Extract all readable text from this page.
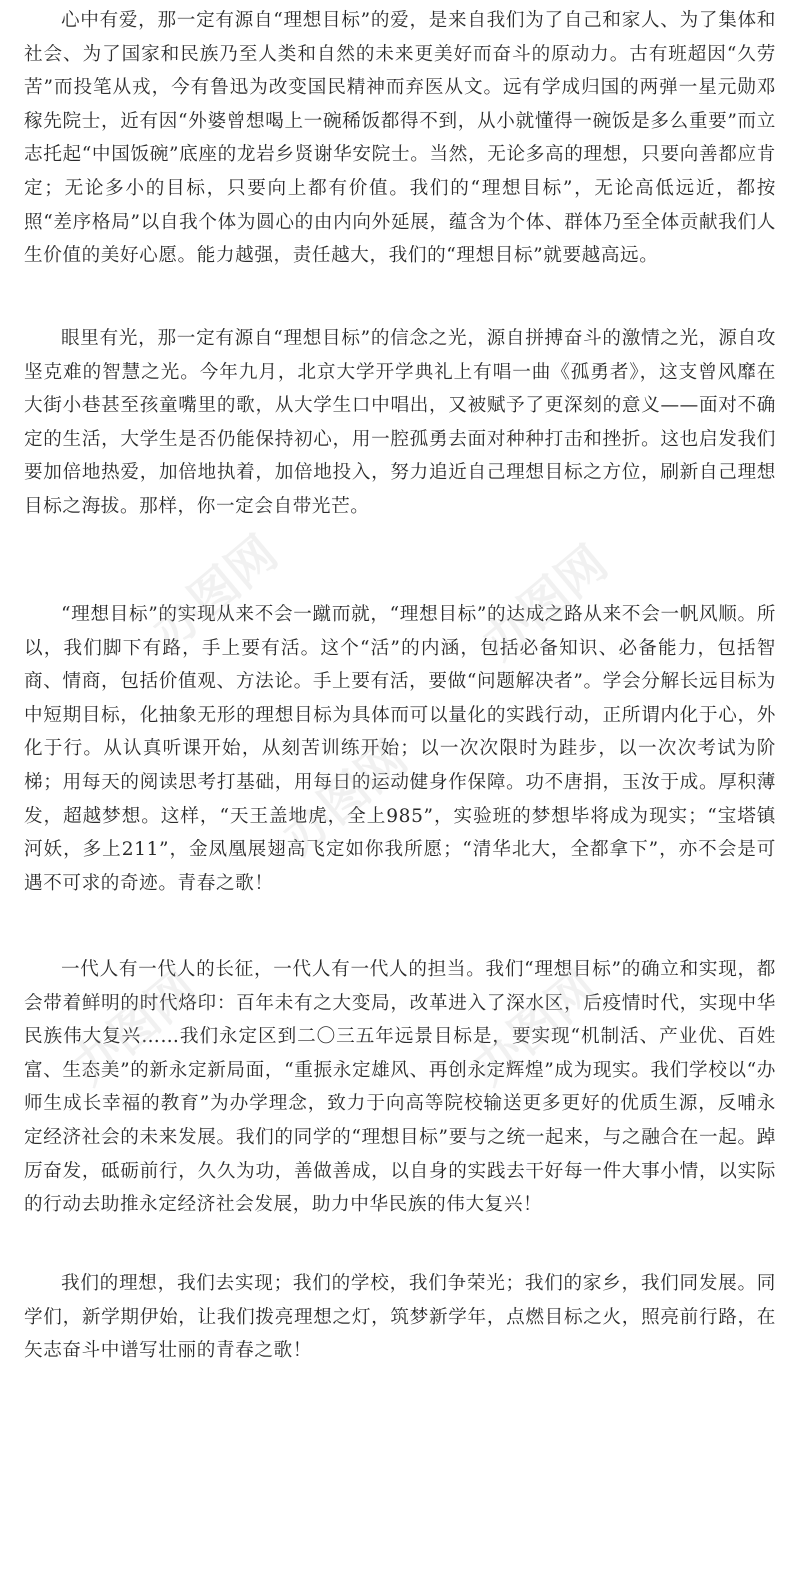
心中有爱，那一定有源自“理想目标”的爱，是来自我们为了自己和家人、为了集体和社会、为了国家和民族乃至人类和自然的未来更美好而奋斗的原动力。古有班超因“久劳苦”而投笔从戎，今有鲁迅为改变国民精神而弃医从文。远有学成归国的两弹一星元勋邓稼先院士，近有因“外婆曾想喝上一碗稀饭都得不到，从小就懂得一碗饭是多么重要”而立志托起“中国饭碗”底座的龙岩乡贤谢华安院士。当然，无论多高的理想，只要向善都应肯定；无论多小的目标，只要向上都有价值。我们的“理想目标”，无论高低远近，都按照“差序格局”以自我个体为圆心的由内向外延展，蕴含为个体、群体乃至全体贡献我们人生价值的美好心愿。能力越强，责任越大，我们的“理想目标”就要越高远。

眼里有光，那一定有源自“理想目标”的信念之光，源自拼搏奋斗的激情之光，源自攻坚克难的智慧之光。今年九月，北京大学开学典礼上有唱一曲《孤勇者》，这支曾风靡在大街小巷甚至孩童嘴里的歌，从大学生口中唱出，又被赋予了更深刻的意义——面对不确定的生活，大学生是否仍能保持初心，用一腔孤勇去面对种种打击和挫折。这也启发我们要加倍地热爱，加倍地执着，加倍地投入，努力追近自己理想目标之方位，刷新自己理想目标之海拔。那样，你一定会自带光芒。

“理想目标”的实现从来不会一蹴而就，“理想目标”的达成之路从来不会一帆风顺。所以，我们脚下有路，手上要有活。这个“活”的内涵，包括必备知识、必备能力，包括智商、情商，包括价值观、方法论。手上要有活，要做“问题解决者”。学会分解长远目标为中短期目标，化抽象无形的理想目标为具体而可以量化的实践行动，正所谓内化于心，外化于行。从认真听课开始，从刻苦训练开始；以一次次限时为跬步，以一次次考试为阶梯；用每天的阅读思考打基础，用每日的运动健身作保障。功不唐捐，玉汝于成。厚积薄发，超越梦想。这样，“天王盖地虎，全上985”，实验班的梦想毕将成为现实；“宝塔镇河妖，多上211”，金凤凰展翅高飞定如你我所愿；“清华北大，全都拿下”，亦不会是可遇不可求的奇迹。青春之歌！

一代人有一代人的长征，一代人有一代人的担当。我们“理想目标”的确立和实现，都会带着鲜明的时代烙印：百年未有之大变局，改革进入了深水区，后疫情时代，实现中华民族伟大复兴……我们永定区到二〇三五年远景目标是，要实现“机制活、产业优、百姓富、生态美”的新永定新局面，“重振永定雄风、再创永定辉煌”成为现实。我们学校以“办师生成长幸福的教育”为办学理念，致力于向高等院校输送更多更好的优质生源，反哺永定经济社会的未来发展。我们的同学的“理想目标”要与之统一起来，与之融合在一起。踔厉奋发，砥砺前行，久久为功，善做善成，以自身的实践去干好每一件大事小情，以实际的行动去助推永定经济社会发展，助力中华民族的伟大复兴！

我们的理想，我们去实现；我们的学校，我们争荣光；我们的家乡，我们同发展。同学们，新学期伊始，让我们拨亮理想之灯，筑梦新学年，点燃目标之火，照亮前行路，在矢志奋斗中谱写壮丽的青春之歌！

办图网	办图网
办图网
办图网	办图网
